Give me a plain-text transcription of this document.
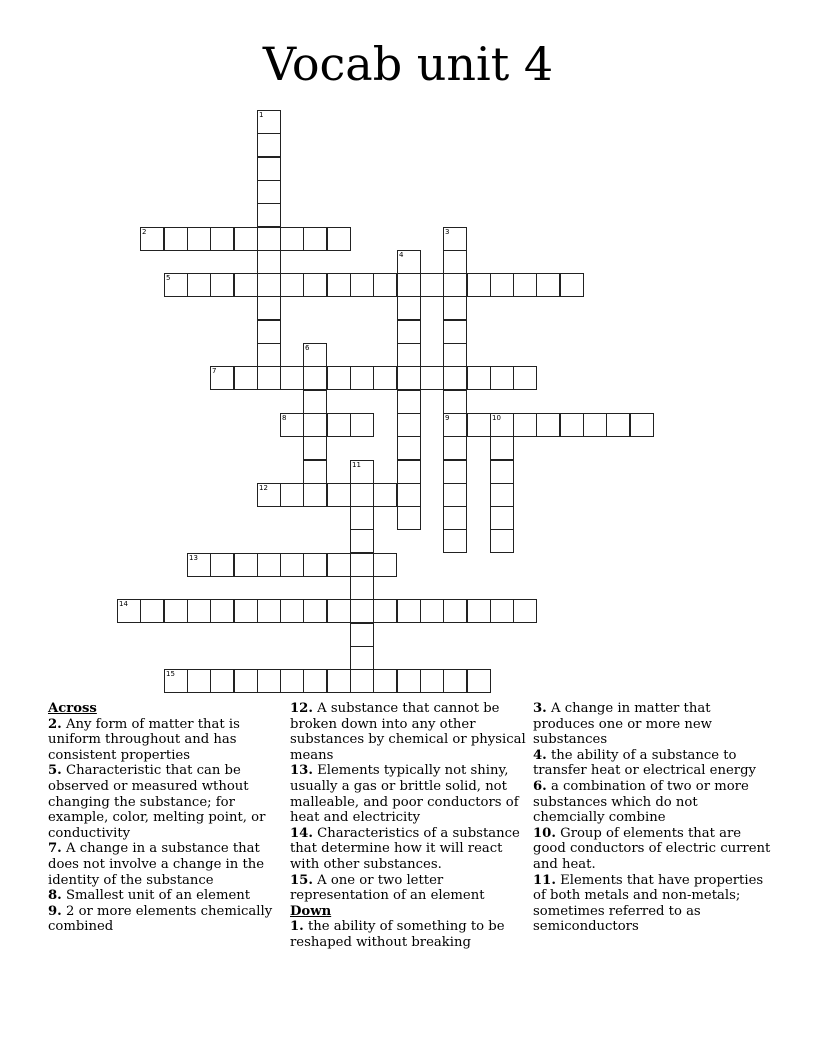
Vocab unit 4
1
2	3
9
4
5
6
7
8	10
11
12
13
14
15

Across

2. Any form of matter that is uniform throughout and has consistent properties

5. Characteristic that can be observed or measured wthout changing the substance; for example, color, melting point, or conductivity

7. A change in a substance that does not involve a change in the identity of the substance

8. Smallest unit of an element

9. 2 or more elements chemically combined

12. A substance that cannot be broken down into any other substances by chemical or physical means

13. Elements typically not shiny, usually a gas or brittle solid, not malleable, and poor conductors of heat and electricity

14. Characteristics of a substance that determine how it will react with other substances.

15. A one or two letter representation of an element

Down

1. the ability of something to be reshaped without breaking

3. A change in matter that produces one or more new substances

4. the ability of a substance to transfer heat or electrical energy

6. a combination of two or more substances which do not chemcially combine

10. Group of elements that are good conductors of electric current and heat.

11. Elements that have properties of both metals and non-metals; sometimes referred to as semiconductors
